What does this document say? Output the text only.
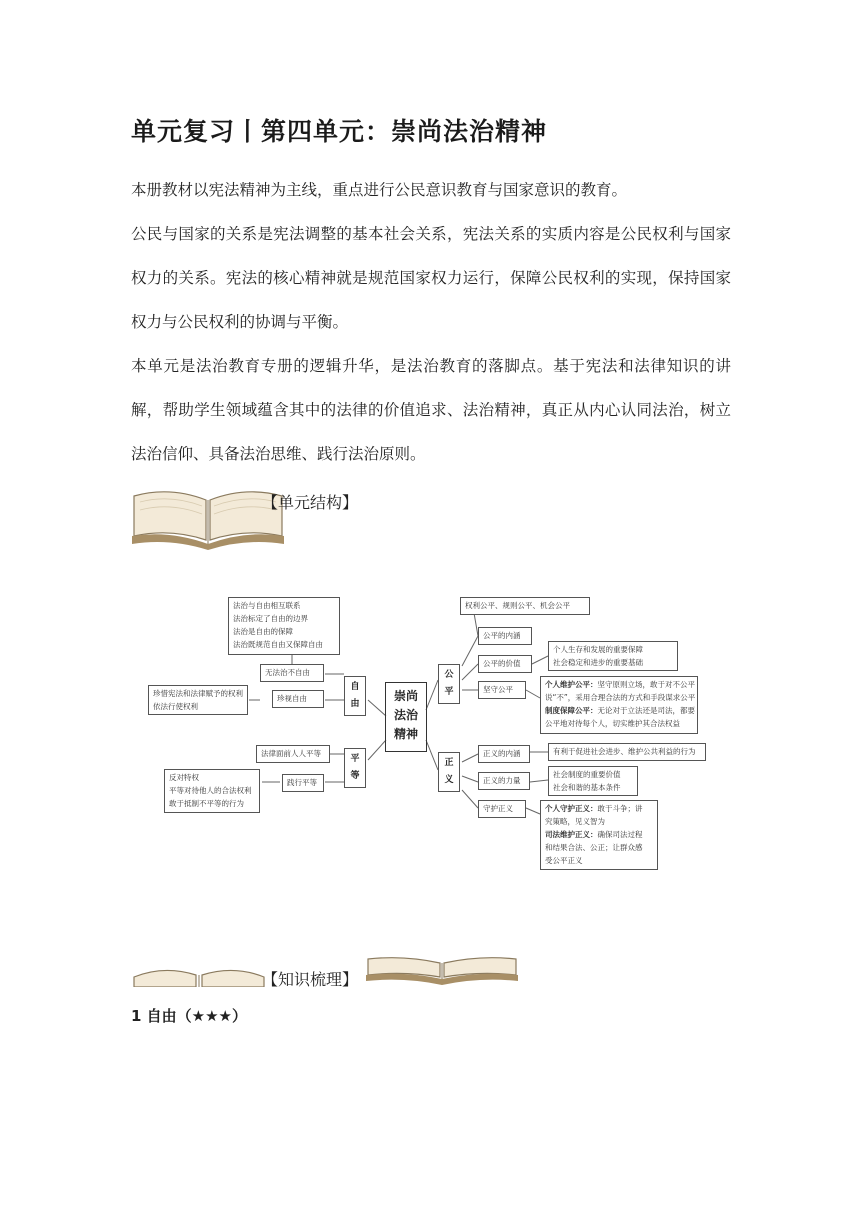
单元复习丨第四单元：崇尚法治精神
本册教材以宪法精神为主线，重点进行公民意识教育与国家意识的教育。
公民与国家的关系是宪法调整的基本社会关系，宪法关系的实质内容是公民权利与国家权力的关系。宪法的核心精神就是规范国家权力运行，保障公民权利的实现，保持国家权力与公民权利的协调与平衡。
本单元是法治教育专册的逻辑升华，是法治教育的落脚点。基于宪法和法律知识的讲解，帮助学生领域蕴含其中的法律的价值追求、法治精神，真正从内心认同法治，树立法治信仰、具备法治思维、践行法治原则。
【单元结构】
崇尚
法治
精神
自
由
法治与自由相互联系
法治标定了自由的边界
法治是自由的保障
法治既规范自由又保障自由
无法治不自由
珍视自由
珍惜宪法和法律赋予的权利
依法行使权利
平
等
法律面前人人平等
践行平等
反对特权
平等对待他人的合法权利
敢于抵制不平等的行为
公
平
权利公平、规则公平、机会公平
公平的内涵
公平的价值
个人生存和发展的重要保障
社会稳定和进步的重要基础
坚守公平
个人维护公平：坚守原则立场，敢于对不公平
说“不”，采用合理合法的方式和手段谋求公平
制度保障公平：无论对于立法还是司法，都要
公平地对待每个人，切实维护其合法权益
正
义
正义的内涵	有利于促进社会进步、维护公共利益的行为
正义的力量
社会制度的重要价值
社会和谐的基本条件
守护正义	个人守护正义：敢于斗争；讲
究策略，见义智为
司法维护正义：确保司法过程
和结果合法、公正；让群众感
受公平正义
【知识梳理】
1 自由（★★★）
